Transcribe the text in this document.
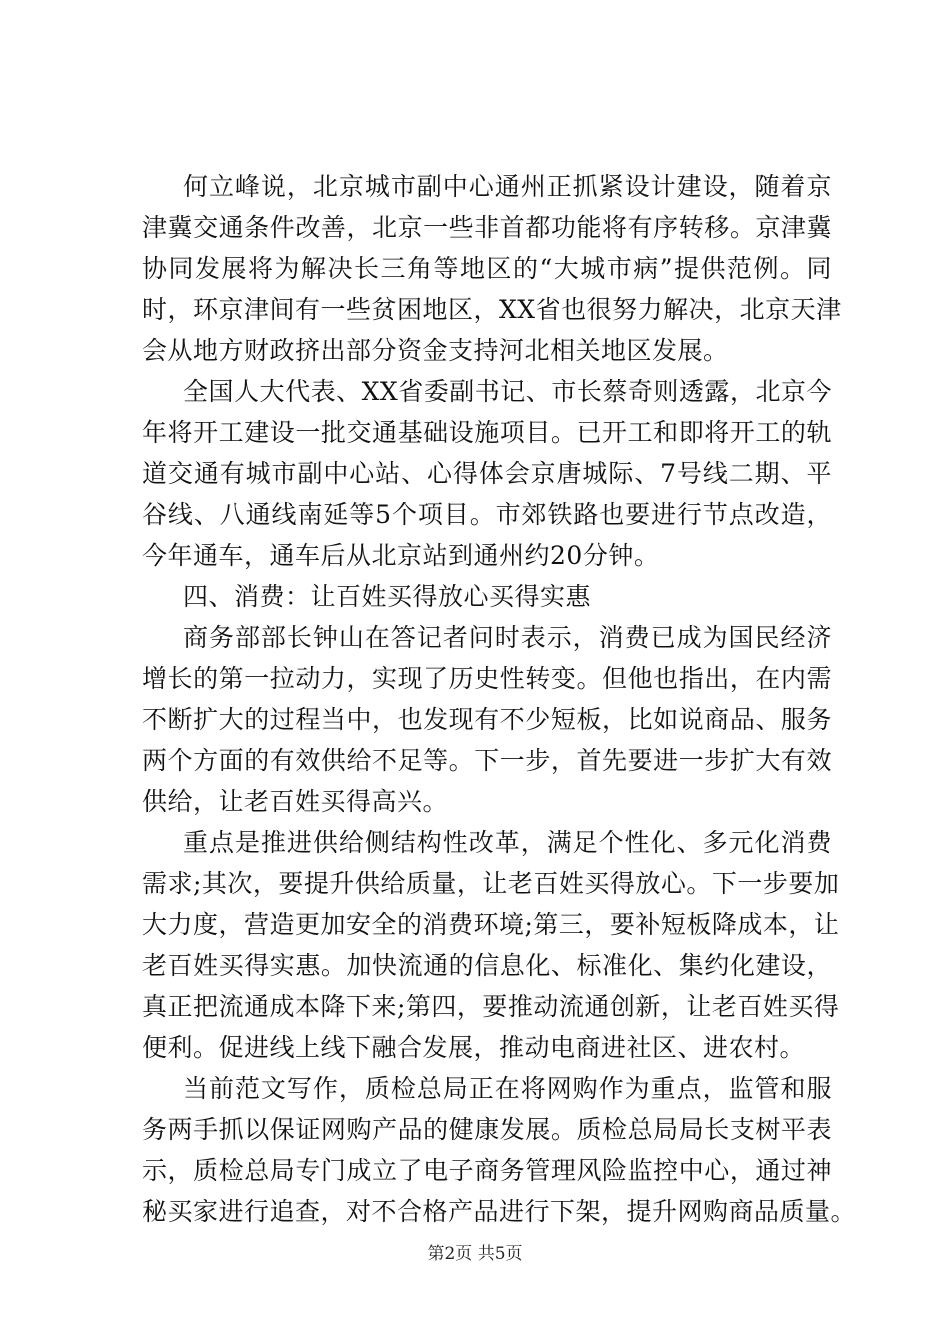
何立峰说，北京城市副中心通州正抓紧设计建设，随着京
津冀交通条件改善，北京一些非首都功能将有序转移。京津冀
协同发展将为解决长三角等地区的“大城市病”提供范例。同
时，环京津间有一些贫困地区，XX省也很努力解决，北京天津
会从地方财政挤出部分资金支持河北相关地区发展。
全国人大代表、XX省委副书记、市长蔡奇则透露，北京今
年将开工建设一批交通基础设施项目。已开工和即将开工的轨
道交通有城市副中心站、心得体会京唐城际、7号线二期、平
谷线、八通线南延等5个项目。市郊铁路也要进行节点改造，
今年通车，通车后从北京站到通州约20分钟。
四、消费：让百姓买得放心买得实惠
商务部部长钟山在答记者问时表示，消费已成为国民经济
增长的第一拉动力，实现了历史性转变。但他也指出，在内需
不断扩大的过程当中，也发现有不少短板，比如说商品、服务
两个方面的有效供给不足等。下一步，首先要进一步扩大有效
供给，让老百姓买得高兴。
重点是推进供给侧结构性改革，满足个性化、多元化消费
需求;其次，要提升供给质量，让老百姓买得放心。下一步要加
大力度，营造更加安全的消费环境;第三，要补短板降成本，让
老百姓买得实惠。加快流通的信息化、标准化、集约化建设，
真正把流通成本降下来;第四，要推动流通创新，让老百姓买得
便利。促进线上线下融合发展，推动电商进社区、进农村。
当前范文写作，质检总局正在将网购作为重点，监管和服
务两手抓以保证网购产品的健康发展。质检总局局长支树平表
示，质检总局专门成立了电子商务管理风险监控中心，通过神
秘买家进行追查，对不合格产品进行下架，提升网购商品质量。
第2页 共5页
